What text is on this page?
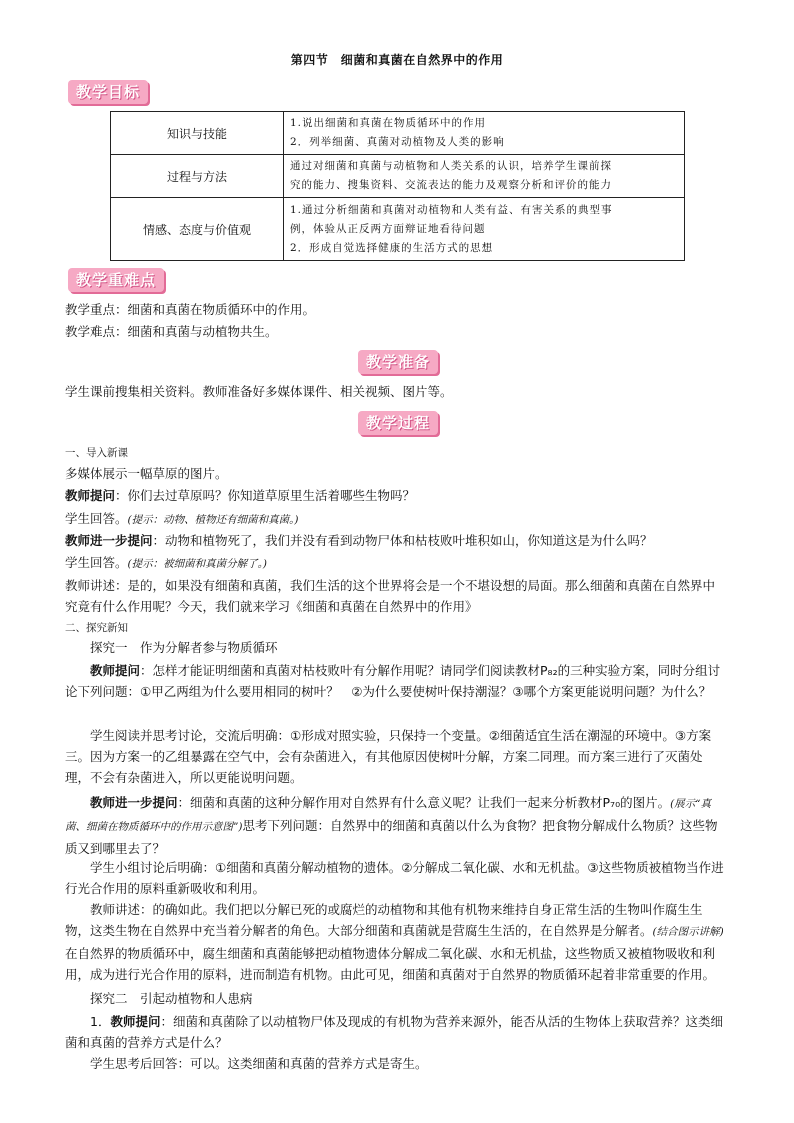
第四节　细菌和真菌在自然界中的作用
教学目标
知识与技能	1.说出细菌和真菌在物质循环中的作用
2．列举细菌、真菌对动植物及人类的影响

过程与方法	通过对细菌和真菌与动植物和人类关系的认识，培养学生课前探
究的能力、搜集资料、交流表达的能力及观察分析和评价的能力

情感、态度与价值观	1.通过分析细菌和真菌对动植物和人类有益、有害关系的典型事
例，体验从正反两方面辩证地看待问题
2．形成自觉选择健康的生活方式的思想
教学重难点
教学重点：细菌和真菌在物质循环中的作用。
教学难点：细菌和真菌与动植物共生。
教学准备
学生课前搜集相关资料。教师准备好多媒体课件、相关视频、图片等。
教学过程
一、导入新课
多媒体展示一幅草原的图片。
教师提问：你们去过草原吗？你知道草原里生活着哪些生物吗？
学生回答。(提示：动物、植物还有细菌和真菌。)
教师进一步提问：动物和植物死了，我们并没有看到动物尸体和枯枝败叶堆积如山，你知道这是为什么吗？
学生回答。(提示：被细菌和真菌分解了。)
教师讲述：是的，如果没有细菌和真菌，我们生活的这个世界将会是一个不堪设想的局面。那么细菌和真菌在自然界中究竟有什么作用呢？今天，我们就来学习《细菌和真菌在自然界中的作用》
二、探究新知
探究一　作为分解者参与物质循环
教师提问：怎样才能证明细菌和真菌对枯枝败叶有分解作用呢？请同学们阅读教材P₈₂的三种实验方案，同时分组讨论下列问题：①甲乙两组为什么要用相同的树叶？　②为什么要使树叶保持潮湿？③哪个方案更能说明问题？为什么？
学生阅读并思考讨论，交流后明确：①形成对照实验，只保持一个变量。②细菌适宜生活在潮湿的环境中。③方案三。因为方案一的乙组暴露在空气中，会有杂菌进入，有其他原因使树叶分解，方案二同理。而方案三进行了灭菌处理，不会有杂菌进入，所以更能说明问题。
教师进一步提问：细菌和真菌的这种分解作用对自然界有什么意义呢？让我们一起来分析教材P₇₀的图片。(展示“真菌、细菌在物质循环中的作用示意图”)思考下列问题：自然界中的细菌和真菌以什么为食物？把食物分解成什么物质？这些物质又到哪里去了？
学生小组讨论后明确：①细菌和真菌分解动植物的遗体。②分解成二氧化碳、水和无机盐。③这些物质被植物当作进行光合作用的原料重新吸收和利用。
教师讲述：的确如此。我们把以分解已死的或腐烂的动植物和其他有机物来维持自身正常生活的生物叫作腐生生物，这类生物在自然界中充当着分解者的角色。大部分细菌和真菌就是营腐生生活的，在自然界是分解者。(结合图示讲解)在自然界的物质循环中，腐生细菌和真菌能够把动植物遗体分解成二氧化碳、水和无机盐，这些物质又被植物吸收和利用，成为进行光合作用的原料，进而制造有机物。由此可见，细菌和真菌对于自然界的物质循环起着非常重要的作用。
探究二　引起动植物和人患病
1．教师提问：细菌和真菌除了以动植物尸体及现成的有机物为营养来源外，能否从活的生物体上获取营养？这类细菌和真菌的营养方式是什么？
学生思考后回答：可以。这类细菌和真菌的营养方式是寄生。
